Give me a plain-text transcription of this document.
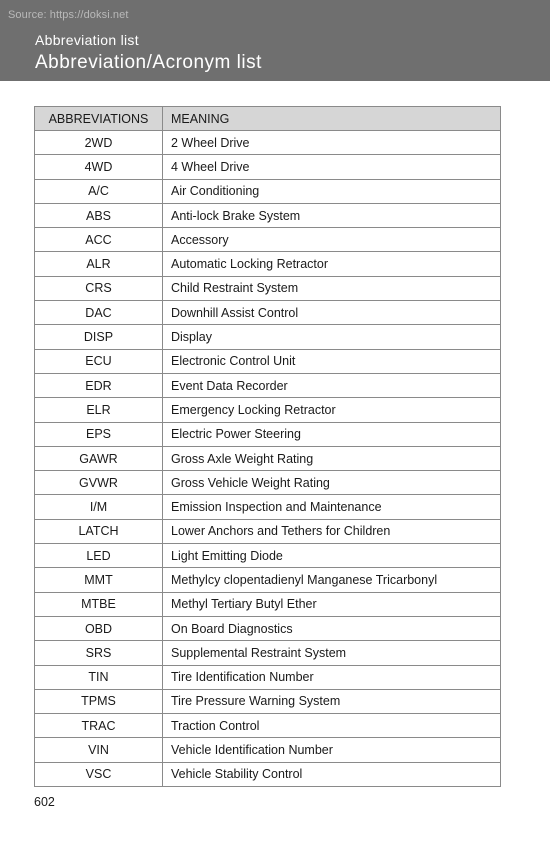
Source: https://doksi.net
Abbreviation list
Abbreviation/Acronym list
ABBREVIATIONS	MEANING
2WD	2 Wheel Drive
4WD	4 Wheel Drive
A/C	Air Conditioning
ABS	Anti-lock Brake System
ACC	Accessory
ALR	Automatic Locking Retractor
CRS	Child Restraint System
DAC	Downhill Assist Control
DISP	Display
ECU	Electronic Control Unit
EDR	Event Data Recorder
ELR	Emergency Locking Retractor
EPS	Electric Power Steering
GAWR	Gross Axle Weight Rating
GVWR	Gross Vehicle Weight Rating
I/M	Emission Inspection and Maintenance
LATCH	Lower Anchors and Tethers for Children
LED	Light Emitting Diode
MMT	Methylcy clopentadienyl Manganese Tricarbonyl
MTBE	Methyl Tertiary Butyl Ether
OBD	On Board Diagnostics
SRS	Supplemental Restraint System
TIN	Tire Identification Number
TPMS	Tire Pressure Warning System
TRAC	Traction Control
VIN	Vehicle Identification Number
VSC	Vehicle Stability Control
602
